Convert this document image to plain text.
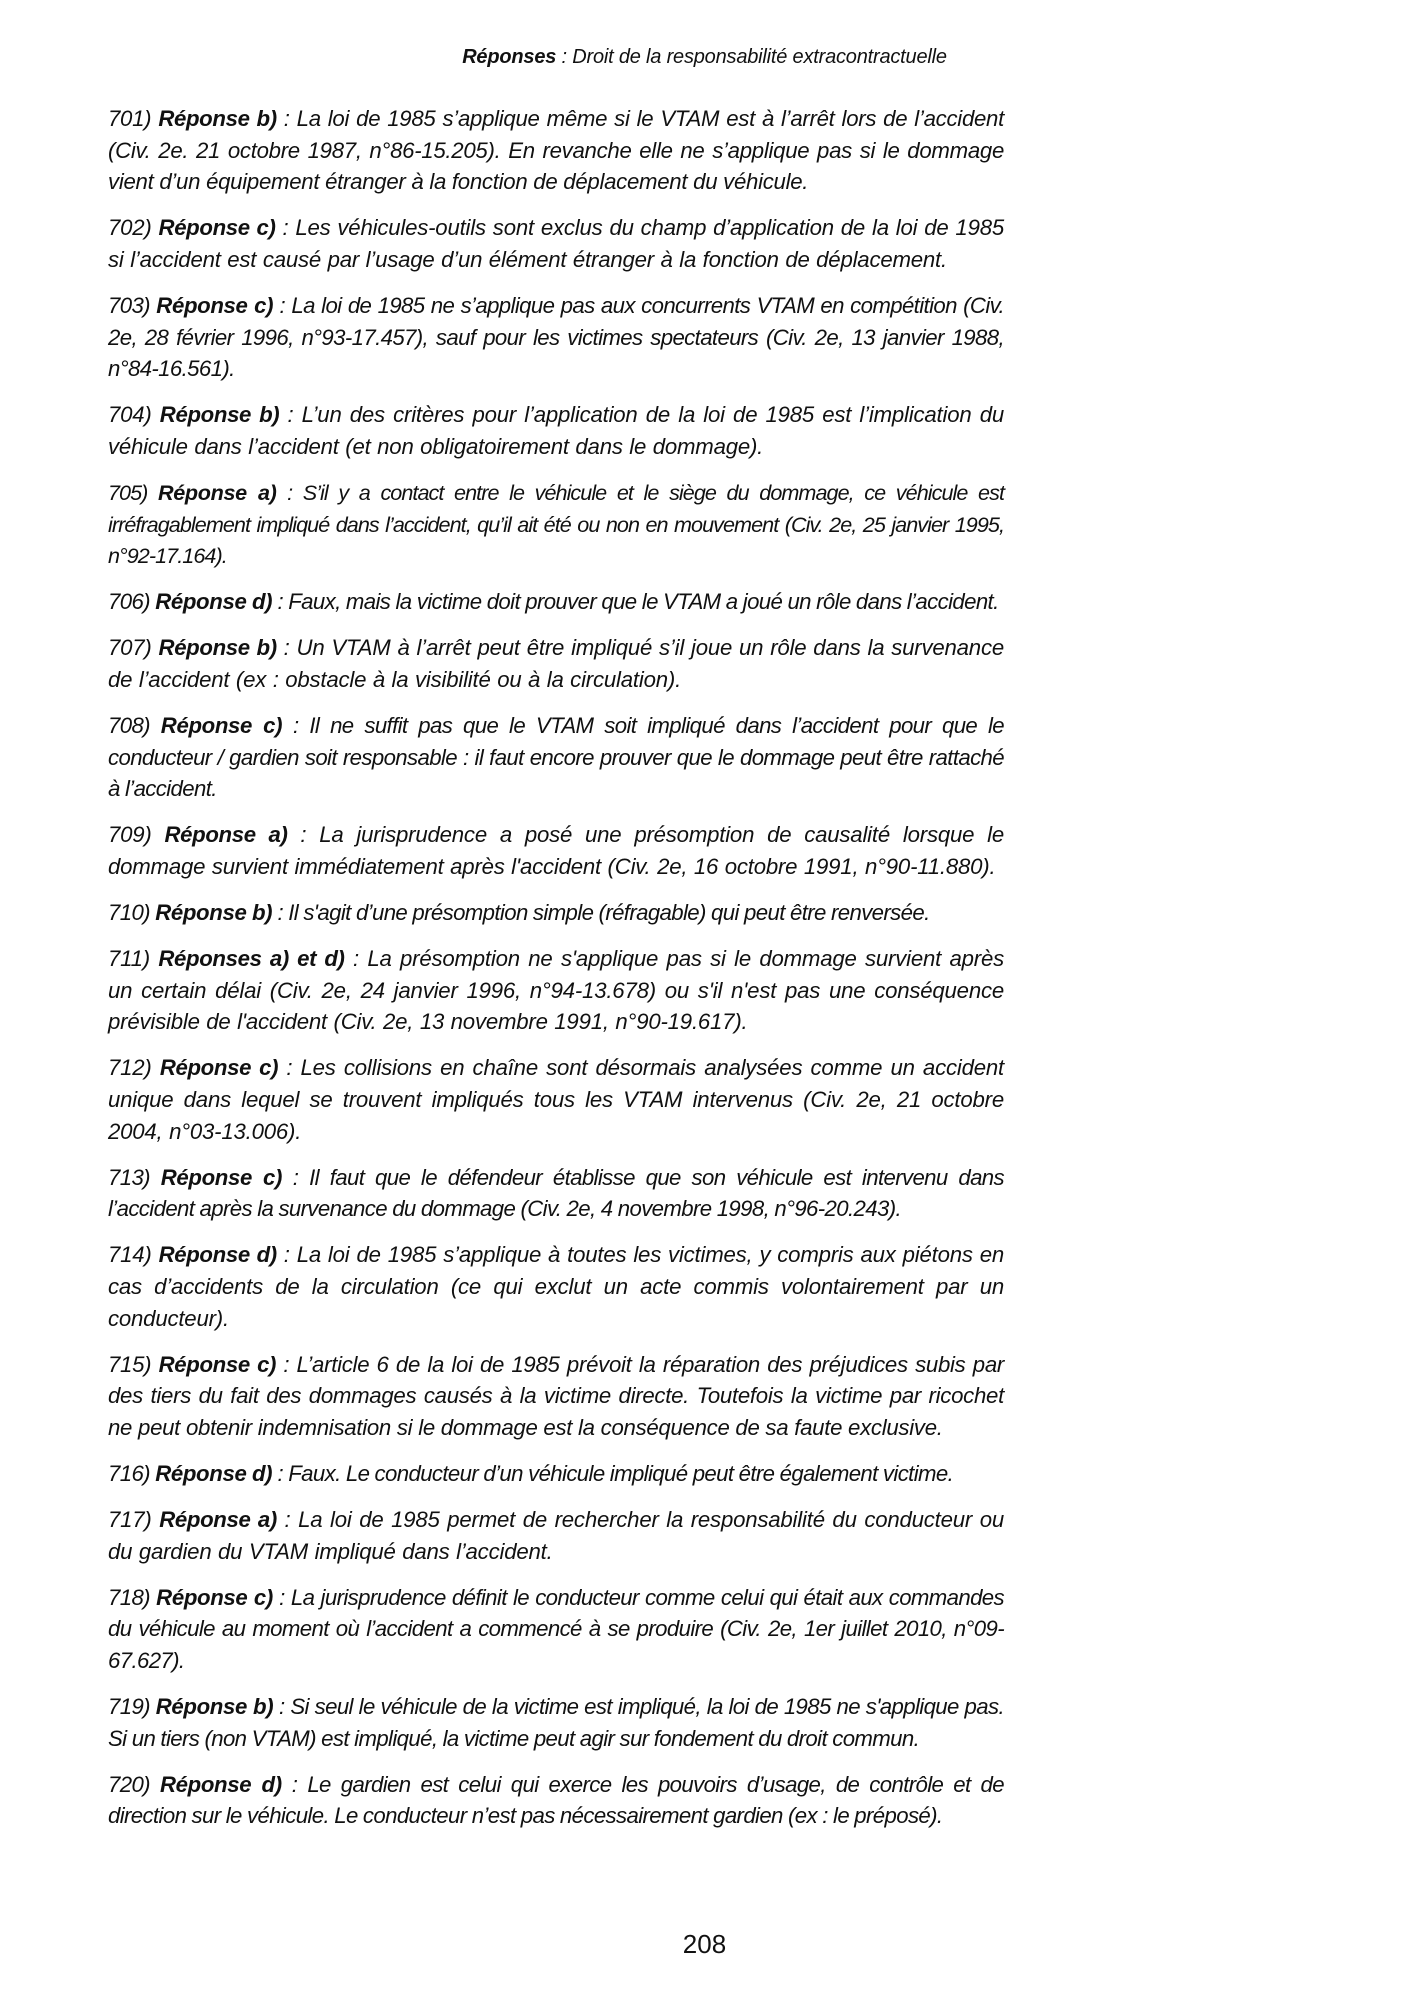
Réponses : Droit de la responsabilité extracontractuelle

701) Réponse b) : La loi de 1985 s’applique même si le VTAM est à l’arrêt lors de l’accident (Civ. 2e. 21 octobre 1987, n°86-15.205). En revanche elle ne s’applique pas si le dommage vient d’un équipement étranger à la fonction de déplacement du véhicule.

702) Réponse c) : Les véhicules-outils sont exclus du champ d’application de la loi de 1985 si l’accident est causé par l’usage d’un élément étranger à la fonction de déplacement.

703) Réponse c) : La loi de 1985 ne s’applique pas aux concurrents VTAM en compétition (Civ. 2e, 28 février 1996, n°93-17.457), sauf pour les victimes spectateurs (Civ. 2e, 13 janvier 1988, n°84-16.561).

704) Réponse b) : L’un des critères pour l’application de la loi de 1985 est l’implication du véhicule dans l’accident (et non obligatoirement dans le dommage).

705) Réponse a) : S’il y a contact entre le véhicule et le siège du dommage, ce véhicule est irréfragablement impliqué dans l’accident, qu’il ait été ou non en mouvement (Civ. 2e, 25 janvier 1995, n°92-17.164).

706) Réponse d) : Faux, mais la victime doit prouver que le VTAM a joué un rôle dans l’accident.

707) Réponse b) : Un VTAM à l’arrêt peut être impliqué s’il joue un rôle dans la survenance de l’accident (ex : obstacle à la visibilité ou à la circulation).

708) Réponse c) : Il ne suffit pas que le VTAM soit impliqué dans l’accident pour que le conducteur / gardien soit responsable : il faut encore prouver que le dommage peut être rattaché à l’accident.

709) Réponse a) : La jurisprudence a posé une présomption de causalité lorsque le dommage survient immédiatement après l'accident (Civ. 2e, 16 octobre 1991, n°90-11.880).

710) Réponse b) : Il s'agit d’une présomption simple (réfragable) qui peut être renversée.

711) Réponses a) et d) : La présomption ne s'applique pas si le dommage survient après un certain délai (Civ. 2e, 24 janvier 1996, n°94-13.678) ou s'il n'est pas une conséquence prévisible de l'accident (Civ. 2e, 13 novembre 1991, n°90-19.617).

712) Réponse c) : Les collisions en chaîne sont désormais analysées comme un accident unique dans lequel se trouvent impliqués tous les VTAM intervenus (Civ. 2e, 21 octobre 2004, n°03-13.006).

713) Réponse c) : Il faut que le défendeur établisse que son véhicule est intervenu dans l’accident après la survenance du dommage (Civ. 2e, 4 novembre 1998, n°96-20.243).

714) Réponse d) : La loi de 1985 s’applique à toutes les victimes, y compris aux piétons en cas d’accidents de la circulation (ce qui exclut un acte commis volontairement par un conducteur).

715) Réponse c) : L’article 6 de la loi de 1985 prévoit la réparation des préjudices subis par des tiers du fait des dommages causés à la victime directe. Toutefois la victime par ricochet ne peut obtenir indemnisation si le dommage est la conséquence de sa faute exclusive.

716) Réponse d) : Faux. Le conducteur d’un véhicule impliqué peut être également victime.

717) Réponse a) : La loi de 1985 permet de rechercher la responsabilité du conducteur ou du gardien du VTAM impliqué dans l’accident.

718) Réponse c) : La jurisprudence définit le conducteur comme celui qui était aux commandes du véhicule au moment où l’accident a commencé à se produire (Civ. 2e, 1er juillet 2010, n°09-67.627).

719) Réponse b) : Si seul le véhicule de la victime est impliqué, la loi de 1985 ne s'applique pas. Si un tiers (non VTAM) est impliqué, la victime peut agir sur fondement du droit commun.

720) Réponse d) : Le gardien est celui qui exerce les pouvoirs d’usage, de contrôle et de direction sur le véhicule. Le conducteur n’est pas nécessairement gardien (ex : le préposé).

208
